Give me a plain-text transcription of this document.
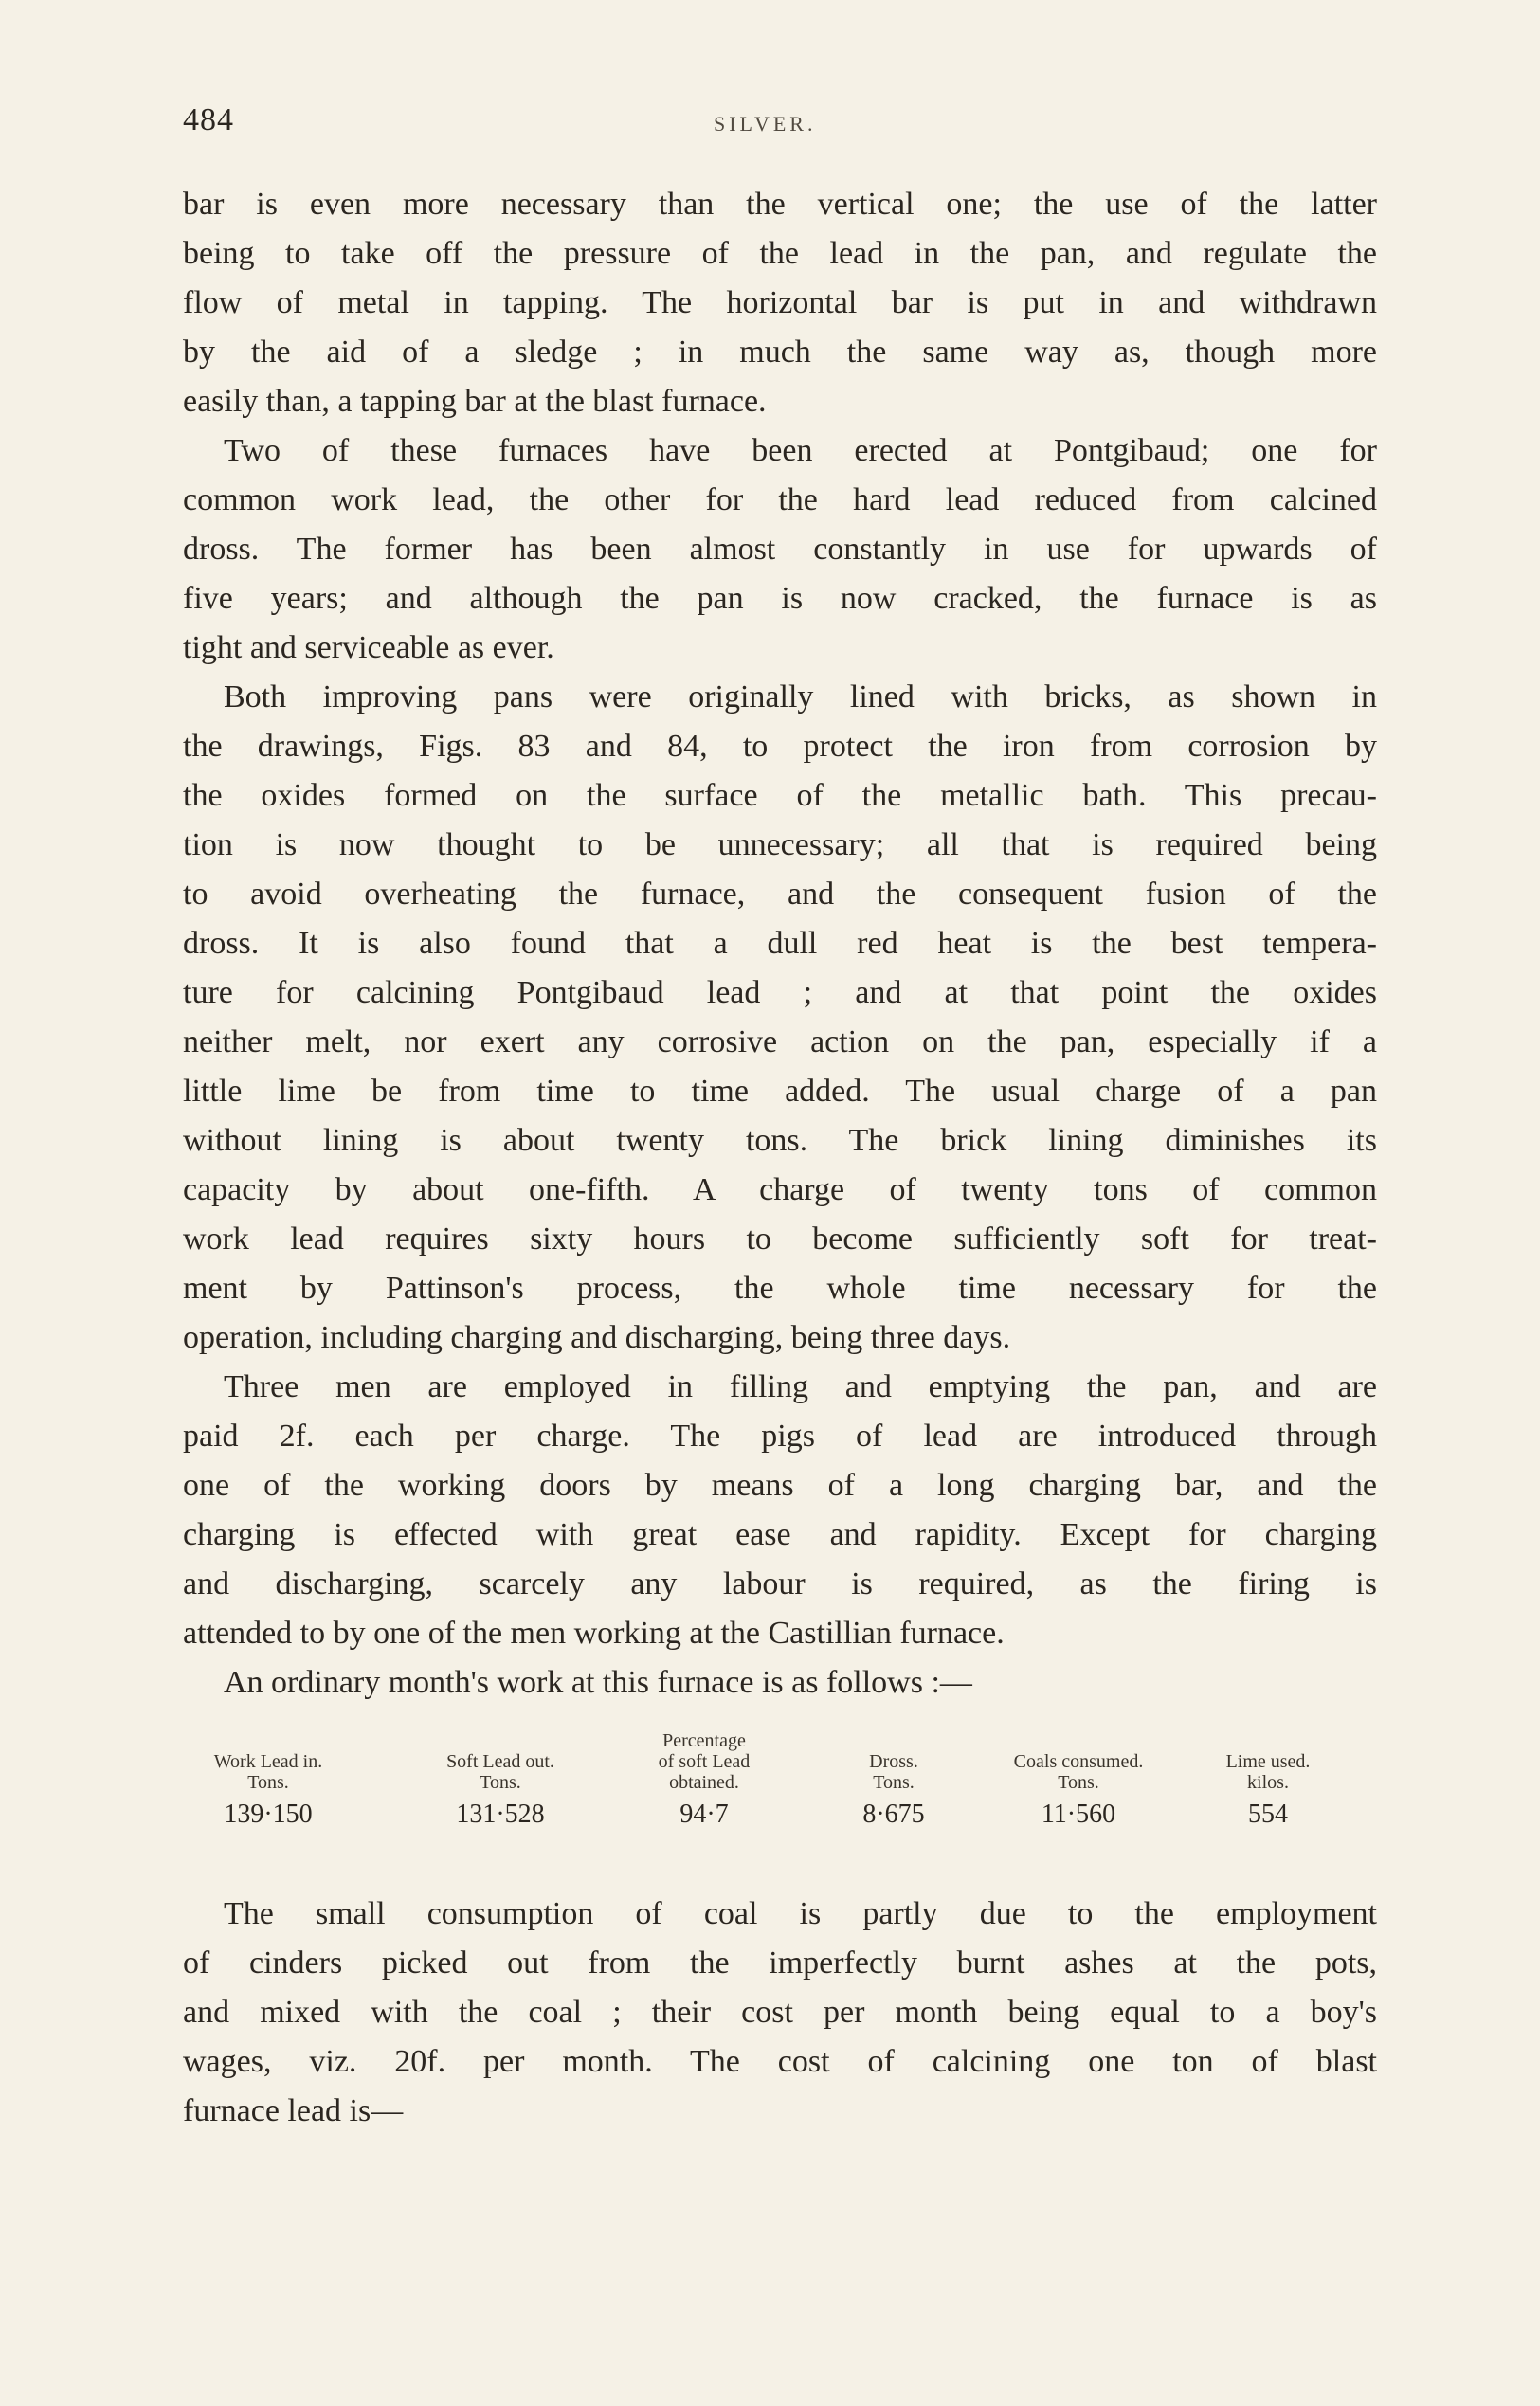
484	SILVER.
bar is even more necessary than the vertical one; the use of the latter
being to take off the pressure of the lead in the pan, and regulate the
flow of metal in tapping. The horizontal bar is put in and withdrawn
by the aid of a sledge ; in much the same way as, though more
easily than, a tapping bar at the blast furnace.
Two of these furnaces have been erected at Pontgibaud; one for
common work lead, the other for the hard lead reduced from calcined
dross. The former has been almost constantly in use for upwards of
five years; and although the pan is now cracked, the furnace is as
tight and serviceable as ever.
Both improving pans were originally lined with bricks, as shown in
the drawings, Figs. 83 and 84, to protect the iron from corrosion by
the oxides formed on the surface of the metallic bath. This precau-
tion is now thought to be unnecessary; all that is required being
to avoid overheating the furnace, and the consequent fusion of the
dross. It is also found that a dull red heat is the best tempera-
ture for calcining Pontgibaud lead ; and at that point the oxides
neither melt, nor exert any corrosive action on the pan, especially if a
little lime be from time to time added. The usual charge of a pan
without lining is about twenty tons. The brick lining diminishes its
capacity by about one-fifth. A charge of twenty tons of common
work lead requires sixty hours to become sufficiently soft for treat-
ment by Pattinson's process, the whole time necessary for the
operation, including charging and discharging, being three days.
Three men are employed in filling and emptying the pan, and are
paid 2f. each per charge. The pigs of lead are introduced through
one of the working doors by means of a long charging bar, and the
charging is effected with great ease and rapidity. Except for charging
and discharging, scarcely any labour is required, as the firing is
attended to by one of the men working at the Castillian furnace.
An ordinary month's work at this furnace is as follows :—

Work Lead in.
Tons.
139·150

Soft Lead out.
Tons.
131·528
Percentage
of soft Lead
obtained.
94·7

Dross.
Tons.
8·675

Coals consumed.
Tons.
11·560

Lime used.
kilos.
554
The small consumption of coal is partly due to the employment
of cinders picked out from the imperfectly burnt ashes at the pots,
and mixed with the coal ; their cost per month being equal to a boy's
wages, viz. 20f. per month. The cost of calcining one ton of blast
furnace lead is—
